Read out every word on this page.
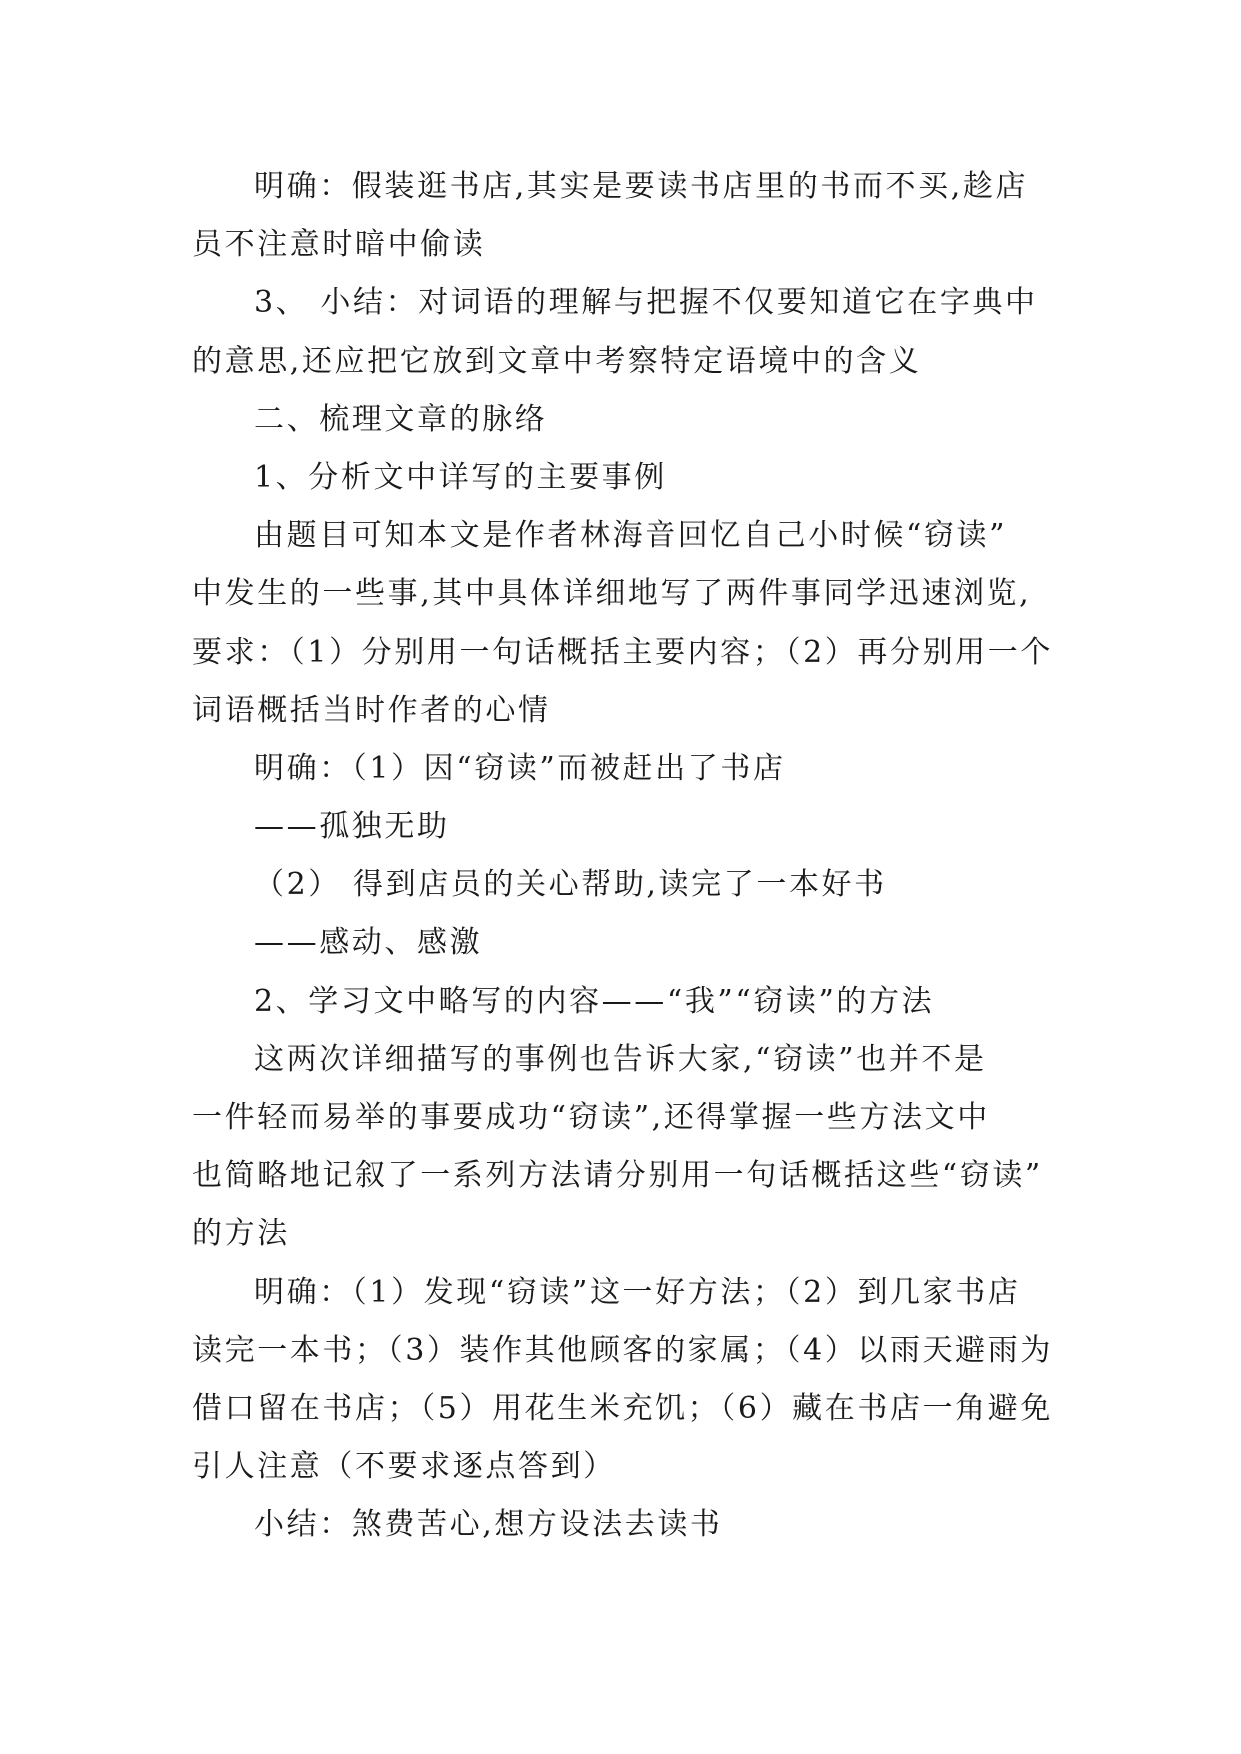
明确：假装逛书店,其实是要读书店里的书而不买,趁店
员不注意时暗中偷读
3、 小结：对词语的理解与把握不仅要知道它在字典中
的意思,还应把它放到文章中考察特定语境中的含义
二、梳理文章的脉络
1、分析文中详写的主要事例
由题目可知本文是作者林海音回忆自己小时候“窃读”
中发生的一些事,其中具体详细地写了两件事同学迅速浏览,
要求：（1）分别用一句话概括主要内容；（2）再分别用一个
词语概括当时作者的心情
明确：（1）因“窃读”而被赶出了书店
——孤独无助
（2） 得到店员的关心帮助,读完了一本好书
——感动、感激
2、学习文中略写的内容——“我”“窃读”的方法
这两次详细描写的事例也告诉大家,“窃读”也并不是
一件轻而易举的事要成功“窃读”,还得掌握一些方法文中
也简略地记叙了一系列方法请分别用一句话概括这些“窃读”
的方法
明确：（1）发现“窃读”这一好方法；（2）到几家书店
读完一本书；（3）装作其他顾客的家属；（4）以雨天避雨为
借口留在书店；（5）用花生米充饥；（6）藏在书店一角避免
引人注意（不要求逐点答到）
小结：煞费苦心,想方设法去读书
